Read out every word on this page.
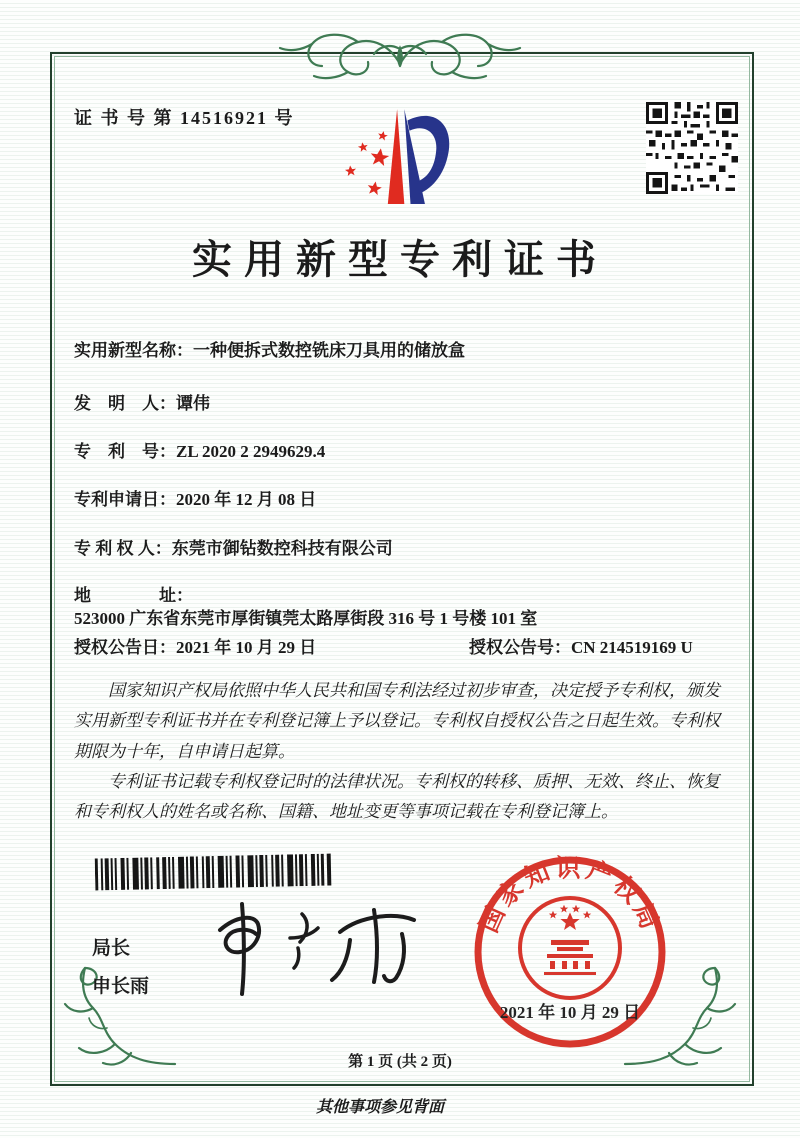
证 书 号 第 14516921 号
实用新型专利证书
实用新型名称：一种便拆式数控铣床刀具用的储放盒
发　明　人：谭伟
专　利　号：ZL 2020 2 2949629.4
专利申请日：2020 年 12 月 08 日
专 利 权 人：东莞市御钻数控科技有限公司
地　　　　址：523000 广东省东莞市厚街镇莞太路厚街段 316 号 1 号楼 101 室
授权公告日：2021 年 10 月 29 日	授权公告号：CN 214519169 U

国家知识产权局依照中华人民共和国专利法经过初步审查，决定授予专利权，颁发实用新型专利证书并在专利登记簿上予以登记。专利权自授权公告之日起生效。专利权期限为十年，自申请日起算。

专利证书记载专利权登记时的法律状况。专利权的转移、质押、无效、终止、恢复和专利权人的姓名或名称、国籍、地址变更等事项记载在专利登记簿上。

局长
申长雨
国家知识产权局
2021 年 10 月 29 日
第 1 页 (共 2 页)
其他事项参见背面
